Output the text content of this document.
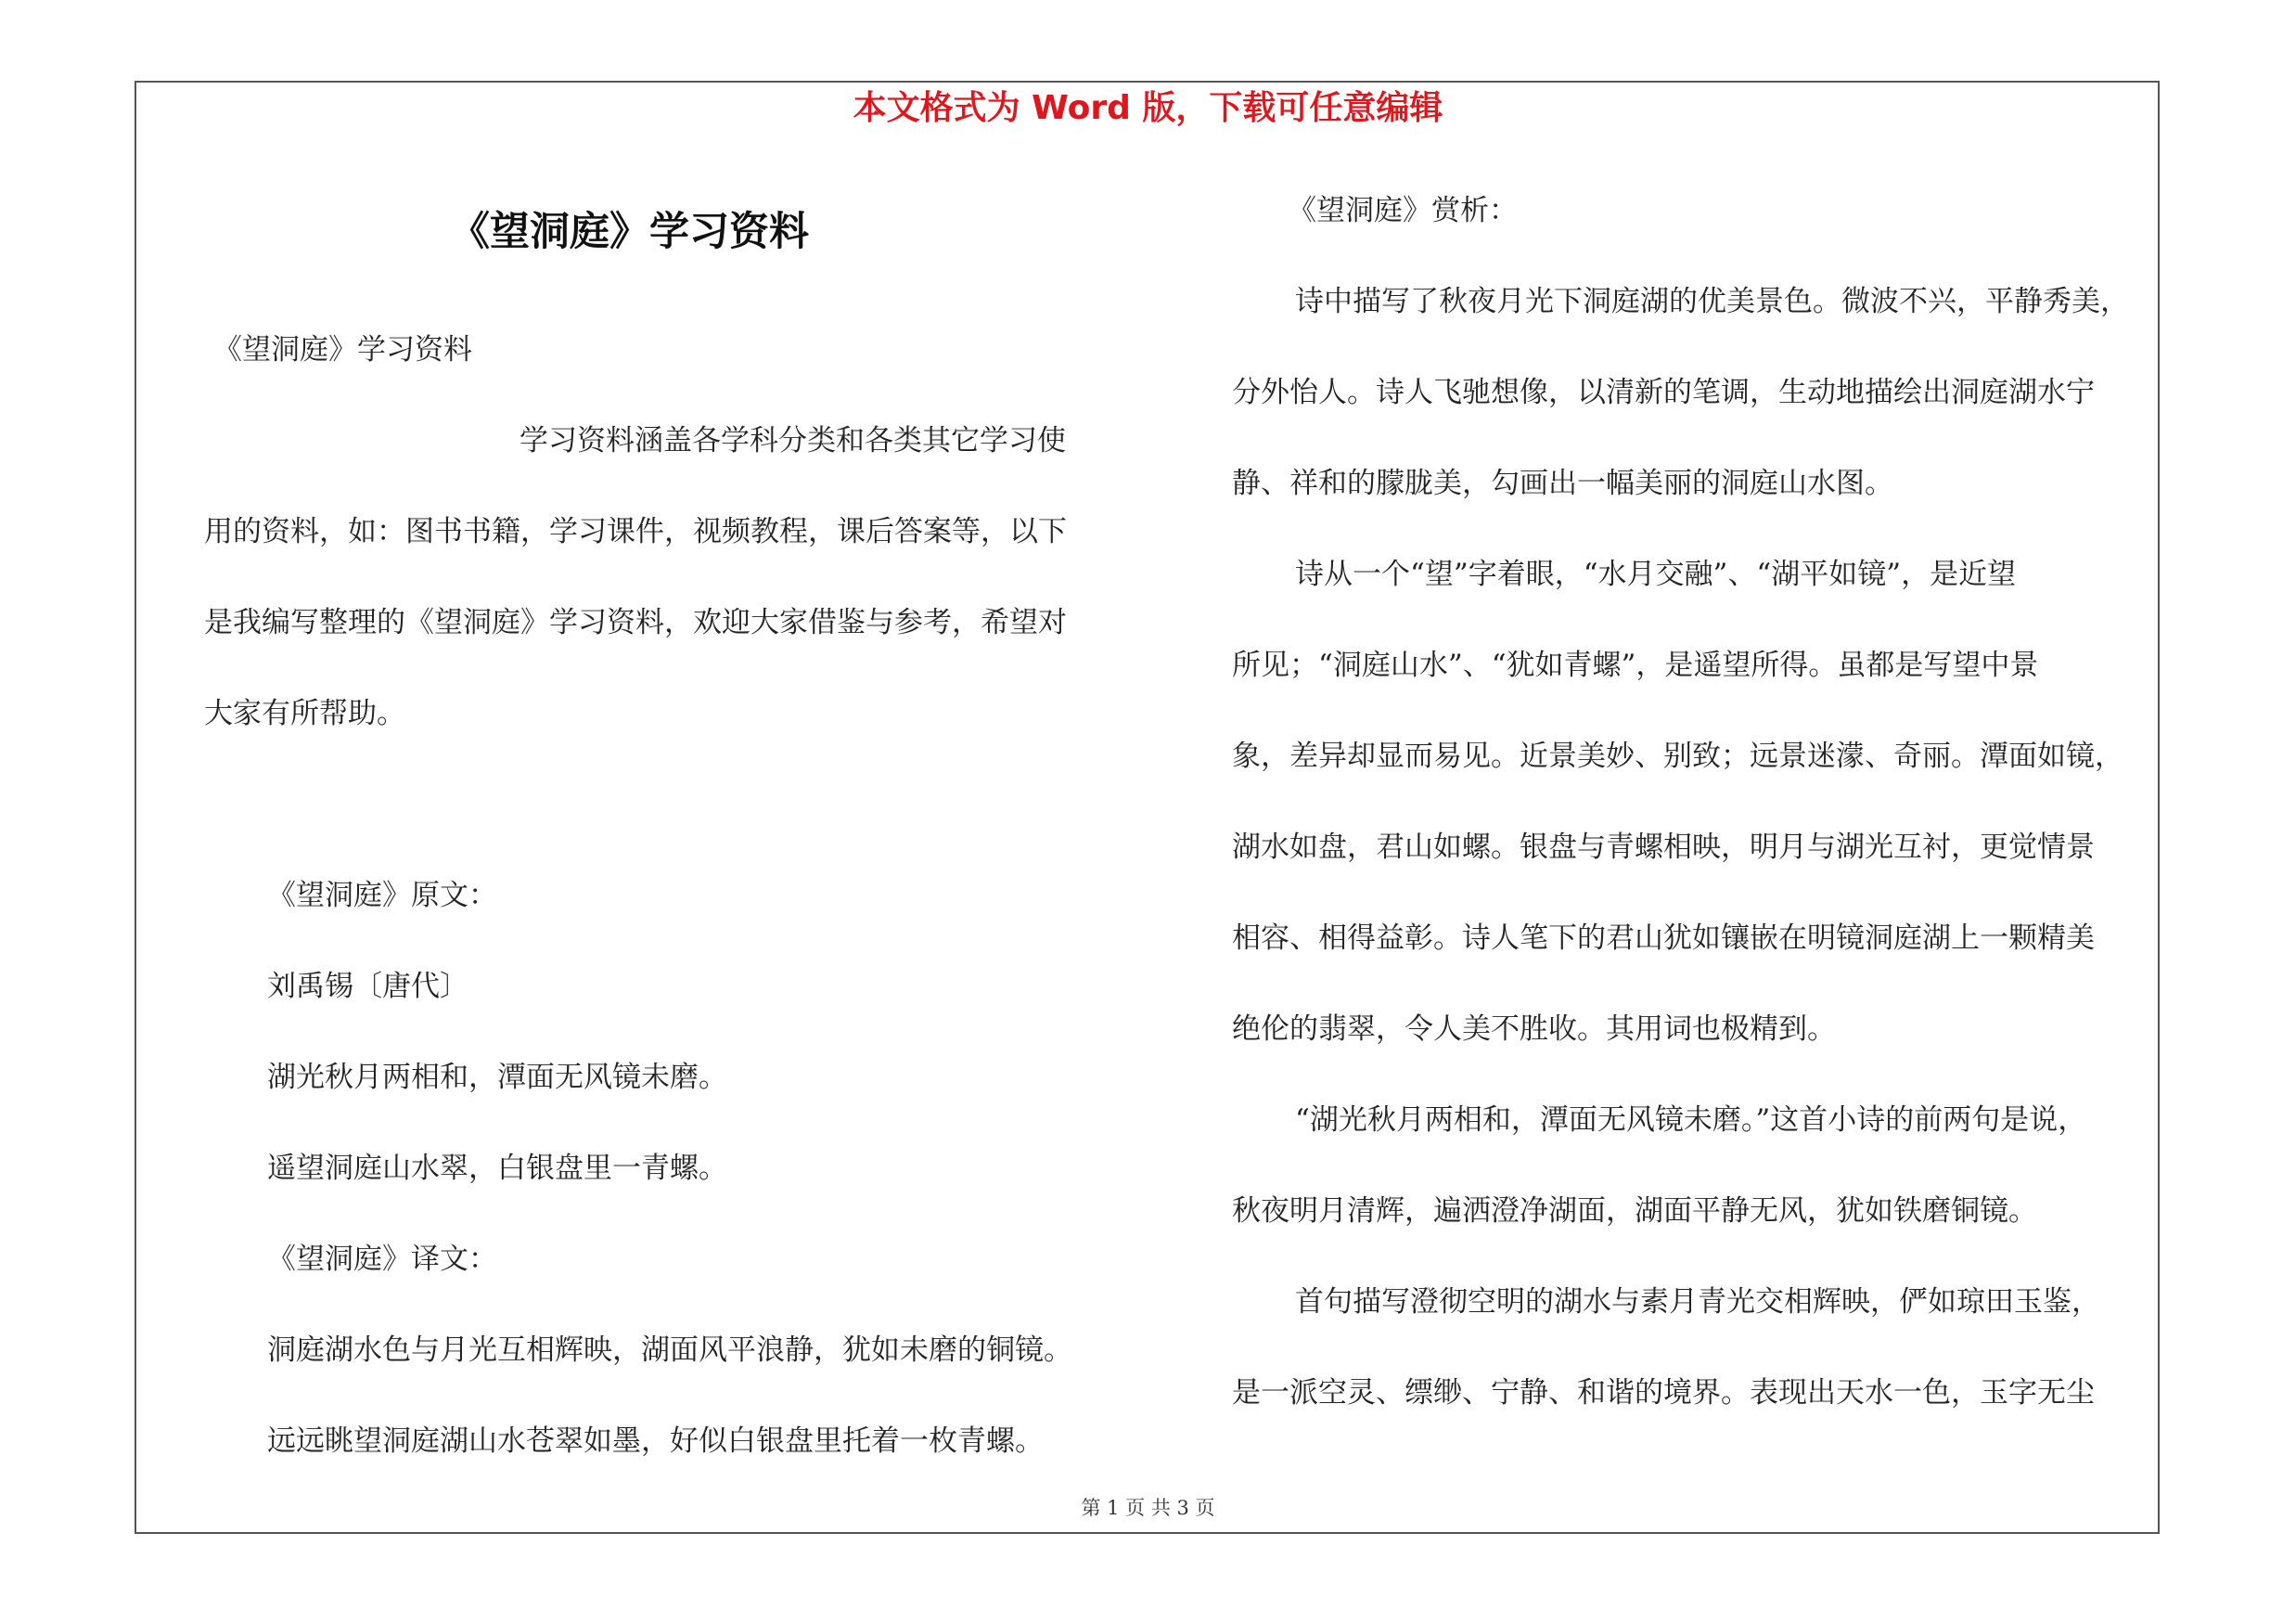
本文格式为 Word 版，下载可任意编辑
《望洞庭》学习资料

《望洞庭》学习资料

学习资料涵盖各学科分类和各类其它学习使

用的资料，如：图书书籍，学习课件，视频教程，课后答案等，以下

是我编写整理的《望洞庭》学习资料，欢迎大家借鉴与参考，希望对

大家有所帮助。

《望洞庭》原文：

刘禹锡〔唐代〕

湖光秋月两相和，潭面无风镜未磨。

遥望洞庭山水翠，白银盘里一青螺。

《望洞庭》译文：

洞庭湖水色与月光互相辉映，湖面风平浪静，犹如未磨的铜镜。

远远眺望洞庭湖山水苍翠如墨，好似白银盘里托着一枚青螺。

《望洞庭》赏析：

诗中描写了秋夜月光下洞庭湖的优美景色。微波不兴，平静秀美，

分外怡人。诗人飞驰想像，以清新的笔调，生动地描绘出洞庭湖水宁

静、祥和的朦胧美，勾画出一幅美丽的洞庭山水图。

诗从一个“望”字着眼，“水月交融”、“湖平如镜”，是近望

所见；“洞庭山水”、“犹如青螺”，是遥望所得。虽都是写望中景

象，差异却显而易见。近景美妙、别致；远景迷濛、奇丽。潭面如镜，

湖水如盘，君山如螺。银盘与青螺相映，明月与湖光互衬，更觉情景

相容、相得益彰。诗人笔下的君山犹如镶嵌在明镜洞庭湖上一颗精美

绝伦的翡翠，令人美不胜收。其用词也极精到。

“湖光秋月两相和，潭面无风镜未磨。”这首小诗的前两句是说，

秋夜明月清辉，遍洒澄净湖面，湖面平静无风，犹如铁磨铜镜。

首句描写澄彻空明的湖水与素月青光交相辉映，俨如琼田玉鉴，

是一派空灵、缥缈、宁静、和谐的境界。表现出天水一色，玉字无尘

第 1 页 共 3 页
